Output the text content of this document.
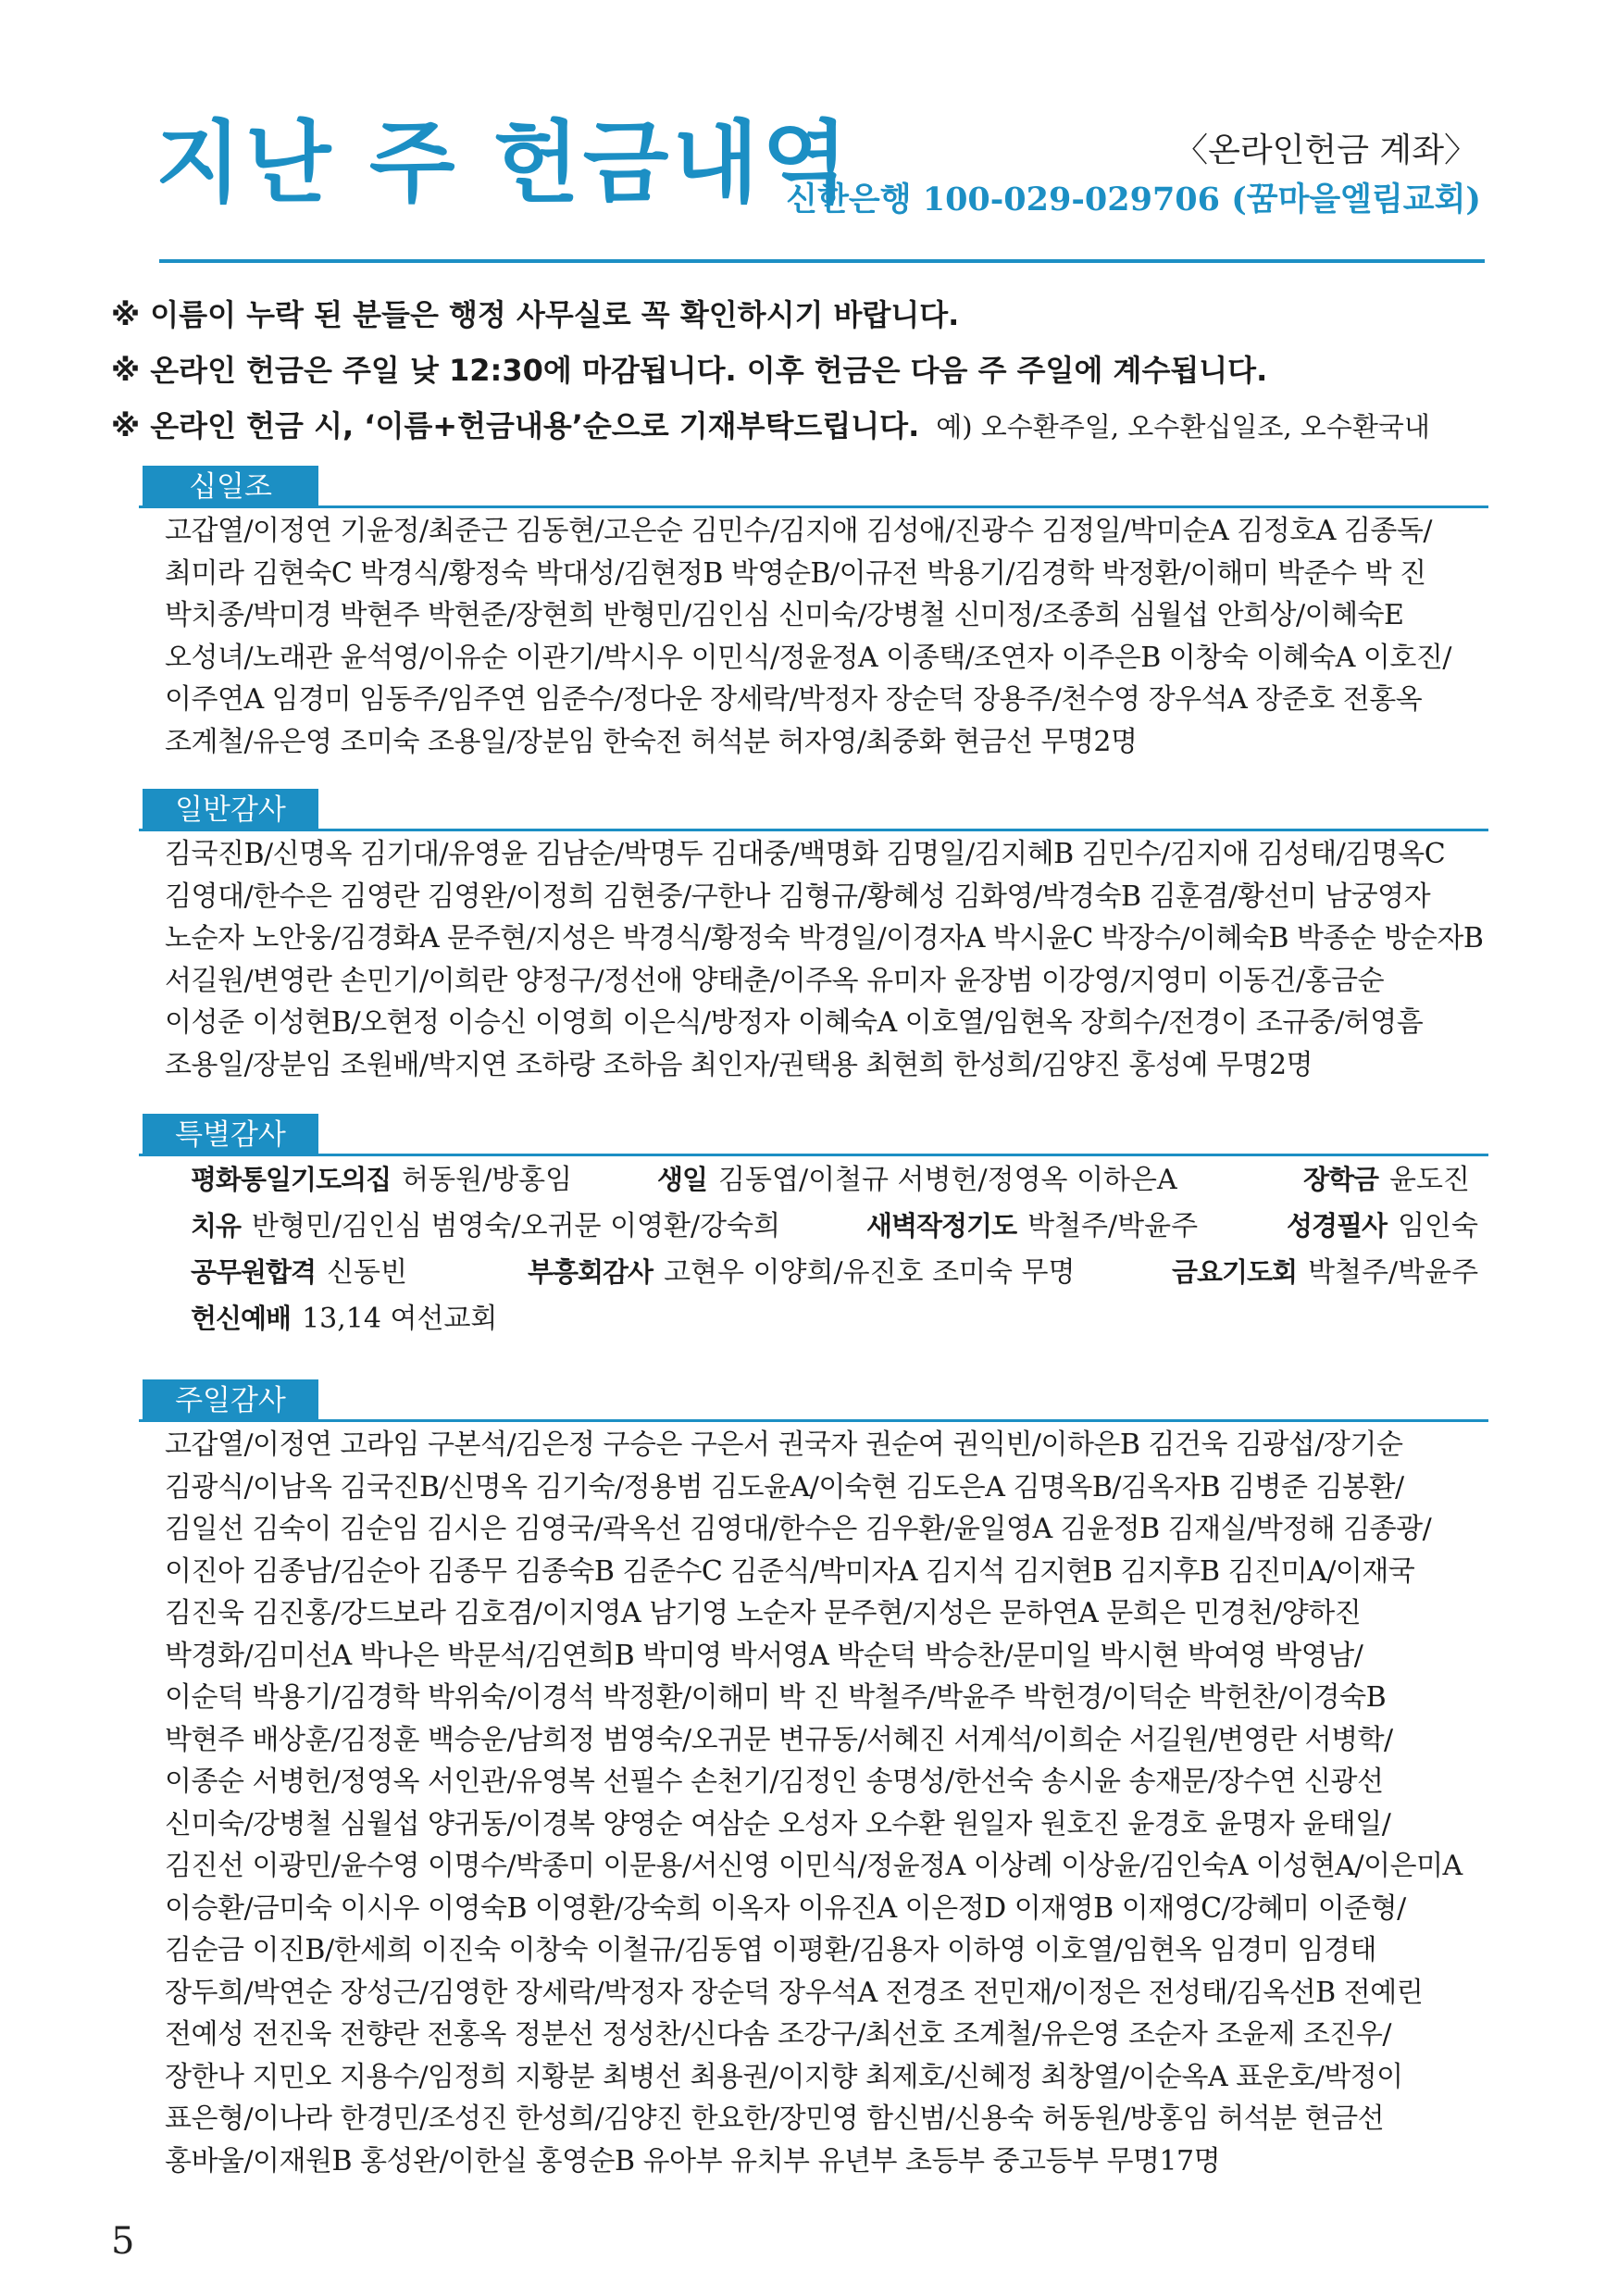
지난 주 헌금내역	〈온라인헌금 계좌〉
신한은행 100-029-029706 (꿈마을엘림교회)
※ 이름이 누락 된 분들은 행정 사무실로 꼭 확인하시기 바랍니다.
※ 온라인 헌금은 주일 낮 12:30에 마감됩니다. 이후 헌금은 다음 주 주일에 계수됩니다.
※ 온라인 헌금 시, ‘이름+헌금내용’순으로 기재부탁드립니다. 예) 오수환주일, 오수환십일조, 오수환국내
십일조
고갑열/이정연 기윤정/최준근 김동현/고은순 김민수/김지애 김성애/진광수 김정일/박미순A 김정호A 김종독/
최미라 김현숙C 박경식/황정숙 박대성/김현정B 박영순B/이규전 박용기/김경학 박정환/이해미 박준수 박 진
박치종/박미경 박현주 박현준/장현희 반형민/김인심 신미숙/강병철 신미정/조종희 심월섭 안희상/이혜숙E
오성녀/노래관 윤석영/이유순 이관기/박시우 이민식/정윤정A 이종택/조연자 이주은B 이창숙 이혜숙A 이호진/
이주연A 임경미 임동주/임주연 임준수/정다운 장세락/박정자 장순덕 장용주/천수영 장우석A 장준호 전홍옥
조계철/유은영 조미숙 조용일/장분임 한숙전 허석분 허자영/최중화 현금선 무명2명
일반감사
김국진B/신명옥 김기대/유영윤 김남순/박명두 김대중/백명화 김명일/김지혜B 김민수/김지애 김성태/김명옥C
김영대/한수은 김영란 김영완/이정희 김현중/구한나 김형규/황혜성 김화영/박경숙B 김훈겸/황선미 남궁영자
노순자 노안웅/김경화A 문주현/지성은 박경식/황정숙 박경일/이경자A 박시윤C 박장수/이혜숙B 박종순 방순자B
서길원/변영란 손민기/이희란 양정구/정선애 양태춘/이주옥 유미자 윤장범 이강영/지영미 이동건/홍금순
이성준 이성현B/오현정 이승신 이영희 이은식/방정자 이혜숙A 이호열/임현옥 장희수/전경이 조규중/허영흠
조용일/장분임 조원배/박지연 조하랑 조하음 최인자/권택용 최현희 한성희/김양진 홍성예 무명2명
특별감사
평화통일기도의집 허동원/방홍임	생일 김동엽/이철규 서병헌/정영옥 이하은A	장학금 윤도진
치유 반형민/김인심 범영숙/오귀문 이영환/강숙희	새벽작정기도 박철주/박윤주	성경필사 임인숙
공무원합격 신동빈	부흥회감사 고현우 이양희/유진호 조미숙 무명	금요기도회 박철주/박윤주
헌신예배 13,14 여선교회
주일감사
고갑열/이정연 고라임 구본석/김은정 구승은 구은서 권국자 권순여 권익빈/이하은B 김건욱 김광섭/장기순
김광식/이남옥 김국진B/신명옥 김기숙/정용범 김도윤A/이숙현 김도은A 김명옥B/김옥자B 김병준 김봉환/
김일선 김숙이 김순임 김시은 김영국/곽옥선 김영대/한수은 김우환/윤일영A 김윤정B 김재실/박정해 김종광/
이진아 김종남/김순아 김종무 김종숙B 김준수C 김준식/박미자A 김지석 김지현B 김지후B 김진미A/이재국
김진욱 김진홍/강드보라 김호겸/이지영A 남기영 노순자 문주현/지성은 문하연A 문희은 민경천/양하진
박경화/김미선A 박나은 박문석/김연희B 박미영 박서영A 박순덕 박승찬/문미일 박시현 박여영 박영남/
이순덕 박용기/김경학 박위숙/이경석 박정환/이해미 박 진 박철주/박윤주 박헌경/이덕순 박헌찬/이경숙B
박현주 배상훈/김정훈 백승운/남희정 범영숙/오귀문 변규동/서혜진 서계석/이희순 서길원/변영란 서병학/
이종순 서병헌/정영옥 서인관/유영복 선필수 손천기/김정인 송명성/한선숙 송시윤 송재문/장수연 신광선
신미숙/강병철 심월섭 양귀동/이경복 양영순 여삼순 오성자 오수환 원일자 원호진 윤경호 윤명자 윤태일/
김진선 이광민/윤수영 이명수/박종미 이문용/서신영 이민식/정윤정A 이상례 이상윤/김인숙A 이성현A/이은미A
이승환/금미숙 이시우 이영숙B 이영환/강숙희 이옥자 이유진A 이은정D 이재영B 이재영C/강혜미 이준형/
김순금 이진B/한세희 이진숙 이창숙 이철규/김동엽 이평환/김용자 이하영 이호열/임현옥 임경미 임경태
장두희/박연순 장성근/김영한 장세락/박정자 장순덕 장우석A 전경조 전민재/이정은 전성태/김옥선B 전예린
전예성 전진욱 전향란 전홍옥 정분선 정성찬/신다솜 조강구/최선호 조계철/유은영 조순자 조윤제 조진우/
장한나 지민오 지용수/임정희 지황분 최병선 최용권/이지향 최제호/신혜정 최창열/이순옥A 표운호/박정이
표은형/이나라 한경민/조성진 한성희/김양진 한요한/장민영 함신범/신용숙 허동원/방홍임 허석분 현금선
홍바울/이재원B 홍성완/이한실 홍영순B 유아부 유치부 유년부 초등부 중고등부 무명17명
5
